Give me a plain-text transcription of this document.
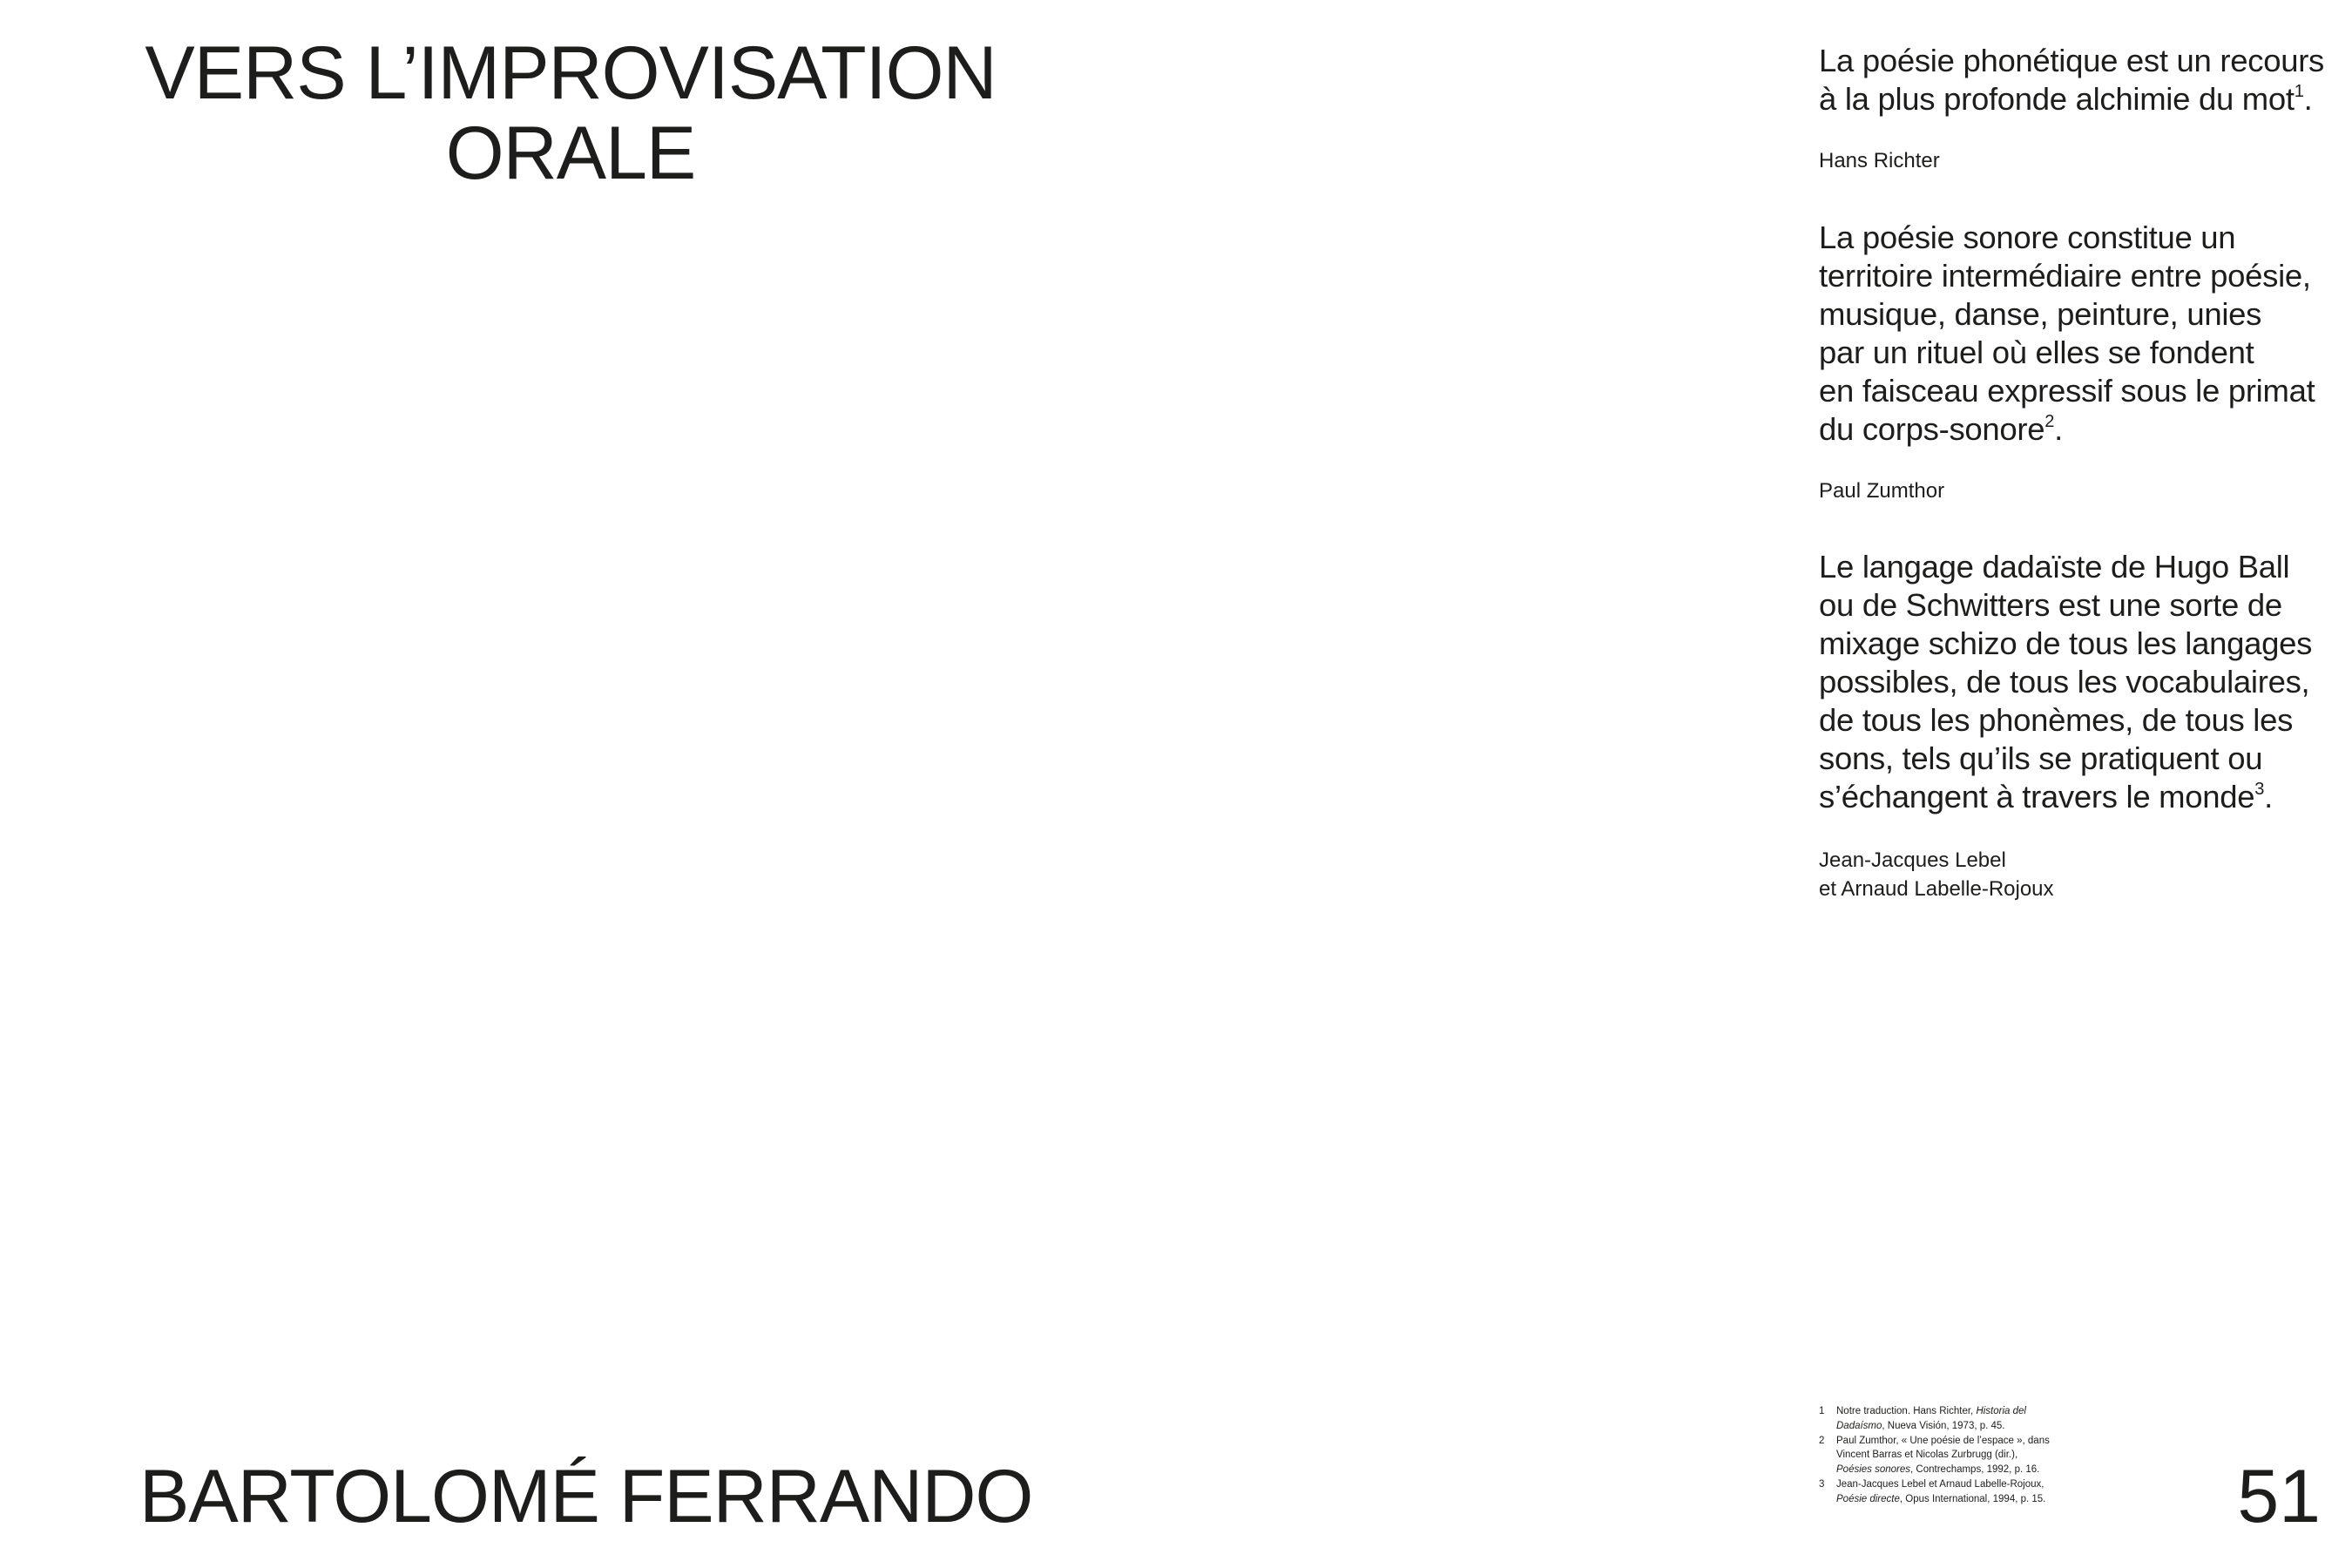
VERS L’IMPROVISATION
ORALE

La poésie phonétique est un recours
à la plus profonde alchimie du mot$^1$.

Hans Richter

La poésie sonore constitue un
territoire intermédiaire entre poésie,
musique, danse, peinture, unies
par un rituel où elles se fondent
en faisceau expressif sous le primat
du corps-sonore$^2$.

Paul Zumthor

Le langage dadaïste de Hugo Ball
ou de Schwitters est une sorte de
mixage schizo de tous les langages
possibles, de tous les vocabulaires,
de tous les phonèmes, de tous les
sons, tels qu’ils se pratiquent ou
s’échangent à travers le monde$^3$.

Jean-Jacques Lebel
et Arnaud Labelle-Rojoux

1	Notre traduction. Hans Richter, Historia del Dadaísmo, Nueva Visión, 1973, p. 45.

2	Paul Zumthor, « Une poésie de l’espace », dans Vincent Barras et Nicolas Zurbrugg (dir.), Poésies sonores, Contrechamps, 1992, p. 16.

3	Jean-Jacques Lebel et Arnaud Labelle-Rojoux, Poésie directe, Opus International, 1994, p. 15.

BARTOLOMÉ FERRANDO	51
